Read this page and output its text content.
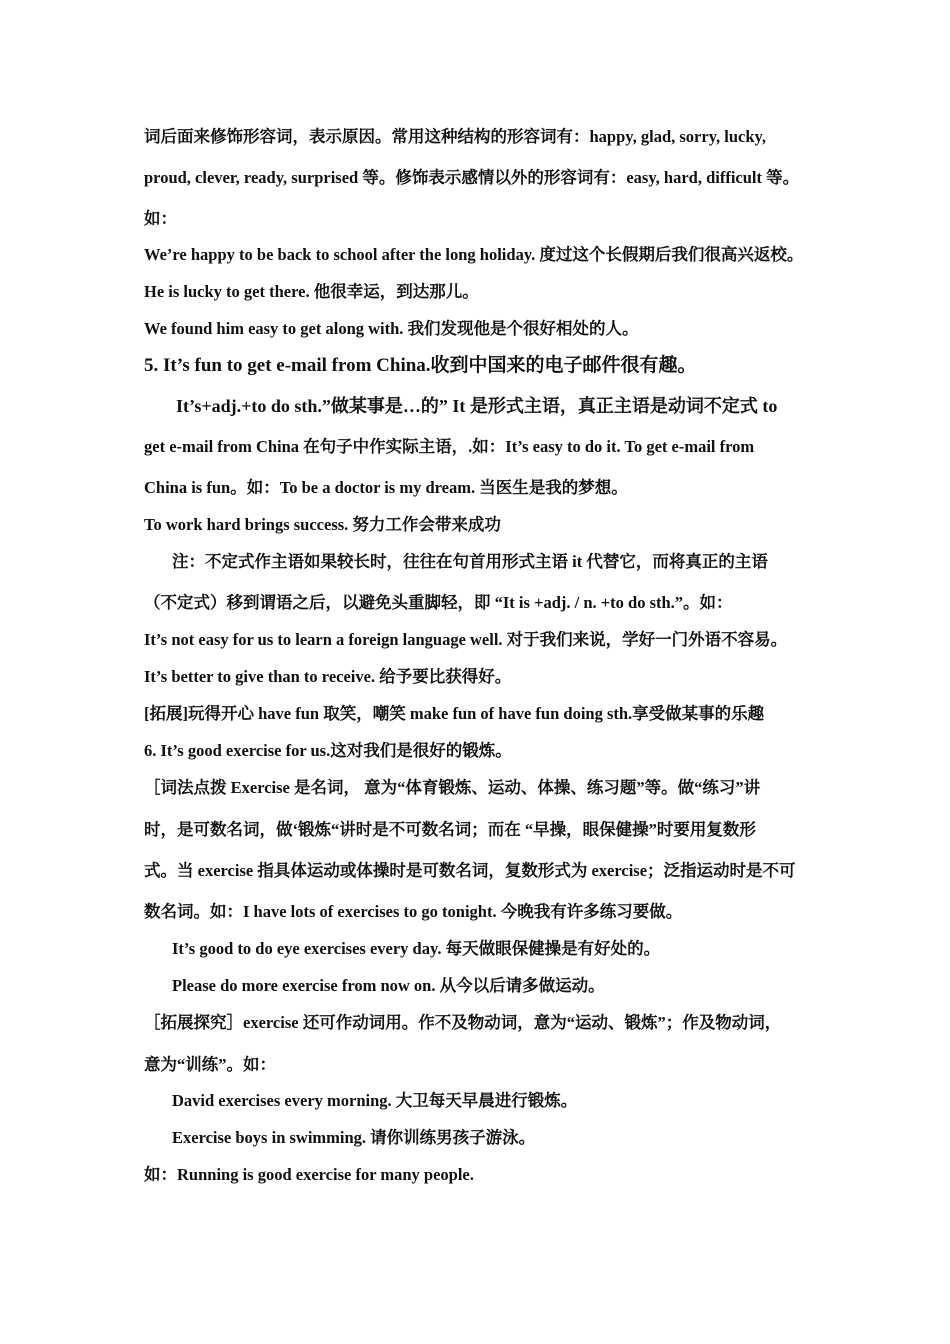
词后面来修饰形容词，表示原因。常用这种结构的形容词有：happy, glad, sorry, lucky,
proud, clever, ready, surprised 等。修饰表示感情以外的形容词有：easy, hard, difficult 等。
如：
We’re happy to be back to school after the long holiday. 度过这个长假期后我们很高兴返校。
He is lucky to get there. 他很幸运，到达那儿。
We found him easy to get along with. 我们发现他是个很好相处的人。
5. It’s fun to get e-mail from China.收到中国来的电子邮件很有趣。
It’s+adj.+to do sth.”做某事是…的” It 是形式主语，真正主语是动词不定式 to
get e-mail from China 在句子中作实际主语，.如：It’s easy to do it. To get e-mail from
China is fun。如：To be a doctor is my dream. 当医生是我的梦想。
To work hard brings success. 努力工作会带来成功
注：不定式作主语如果较长时，往往在句首用形式主语 it 代替它，而将真正的主语
（不定式）移到谓语之后，以避免头重脚轻，即 “It is +adj. / n. +to do sth.”。如：
It’s not easy for us to learn a foreign language well. 对于我们来说，学好一门外语不容易。
It’s better to give than to receive. 给予要比获得好。
[拓展]玩得开心 have fun 取笑，嘲笑 make fun of have fun doing sth.享受做某事的乐趣
6. It’s good exercise for us.这对我们是很好的锻炼。
［词法点拨 Exercise 是名词， 意为“体育锻炼、运动、体操、练习题”等。做“练习”讲
时，是可数名词，做‘锻炼“讲时是不可数名词；而在 “早操，眼保健操”时要用复数形
式。当 exercise 指具体运动或体操时是可数名词，复数形式为 exercise；泛指运动时是不可
数名词。如：I have lots of exercises to go tonight. 今晚我有许多练习要做。
It’s good to do eye exercises every day. 每天做眼保健操是有好处的。
Please do more exercise from now on. 从今以后请多做运动。
［拓展探究］exercise 还可作动词用。作不及物动词，意为“运动、锻炼”；作及物动词，
意为“训练”。如：
David exercises every morning. 大卫每天早晨进行锻炼。
Exercise boys in swimming. 请你训练男孩子游泳。
如：Running is good exercise for many people.
